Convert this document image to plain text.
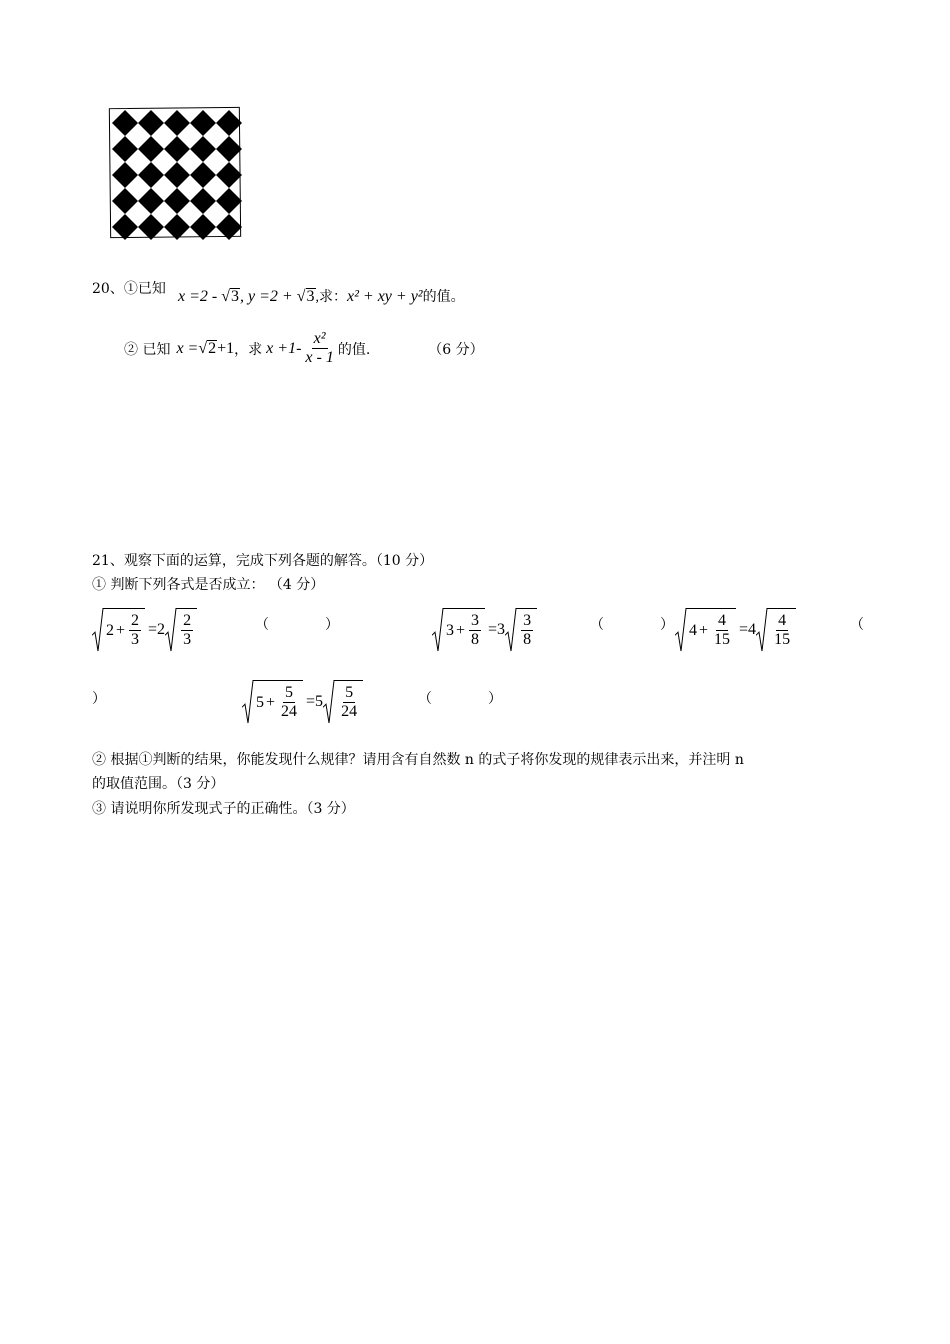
20、①已知 x =2 - √ 3 , y =2 + √ 3 ,求：x² + xy + y²的值。
② 已知 x = √ 2 +1 ，求 $x +1- \frac{\text{x²}}{x - 1}$ 的值.	（6 分）
21、观察下面的运算，完成下列各题的解答。（10 分）
① 判断下列各式是否成立： （4 分）
$2 + \frac{2}{3} =2 \frac{2}{3}$	（　　　　）	$3 + \frac{3}{8} =3 \frac{3}{8}$	（　　　　） $4 + \frac{4}{15} =4 \frac{4}{15}$	（
）	$5 + \frac{5}{24} =5 \frac{5}{24}$	（　　　　）
② 根据①判断的结果，你能发现什么规律？请用含有自然数 n 的式子将你发现的规律表示出来，并注明 n
的取值范围。（3 分）
③ 请说明你所发现式子的正确性。（3 分）
